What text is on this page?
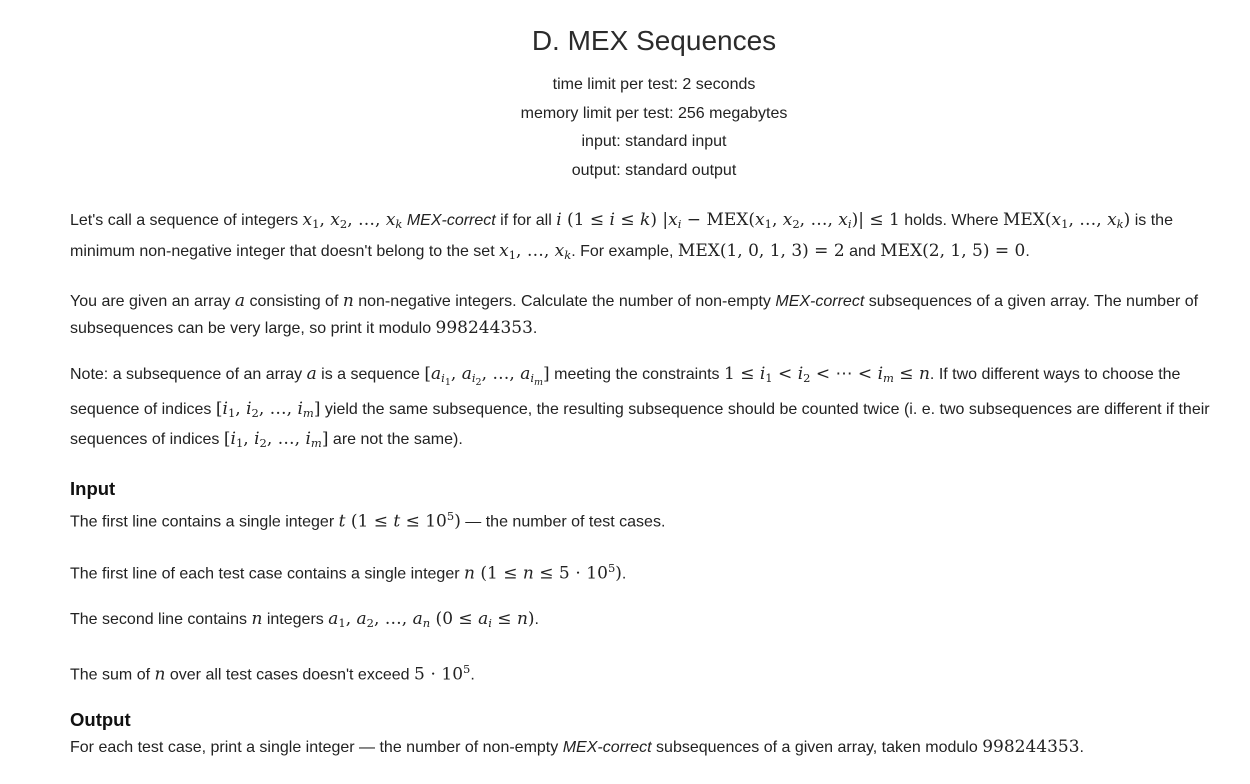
D. MEX Sequences
time limit per test: 2 seconds
memory limit per test: 256 megabytes
input: standard input
output: standard output

Let's call a sequence of integers x1, x2, …, xk MEX-correct if for all i (1 ≤ i ≤ k) |xi − MEX(x1, x2, …, xi)| ≤ 1 holds. Where MEX(x1, …, xk) is the minimum non-negative integer that doesn't belong to the set x1, …, xk. For example, MEX(1, 0, 1, 3) = 2 and MEX(2, 1, 5) = 0.

You are given an array a consisting of n non-negative integers. Calculate the number of non-empty MEX-correct subsequences of a given array. The number of subsequences can be very large, so print it modulo 998244353.

Note: a subsequence of an array a is a sequence [$ai_1$, $ai_2$, …, $ai_m$] meeting the constraints 1 ≤ i1 < i2 < ⋯ < im ≤ n. If two different ways to choose the sequence of indices [i1, i2, …, im] yield the same subsequence, the resulting subsequence should be counted twice (i. e. two subsequences are different if their sequences of indices [i1, i2, …, im] are not the same).

Input

The first line contains a single integer t $(1 \le t \le 10^5)$ — the number of test cases.

The first line of each test case contains a single integer n $(1 \le n \le 5 \cdot 10^5)$.

The second line contains n integers a1, a2, …, an (0 ≤ ai ≤ n).

The sum of n over all test cases doesn't exceed $5 \cdot 10^5$.

Output

For each test case, print a single integer — the number of non-empty MEX-correct subsequences of a given array, taken modulo 998244353.
